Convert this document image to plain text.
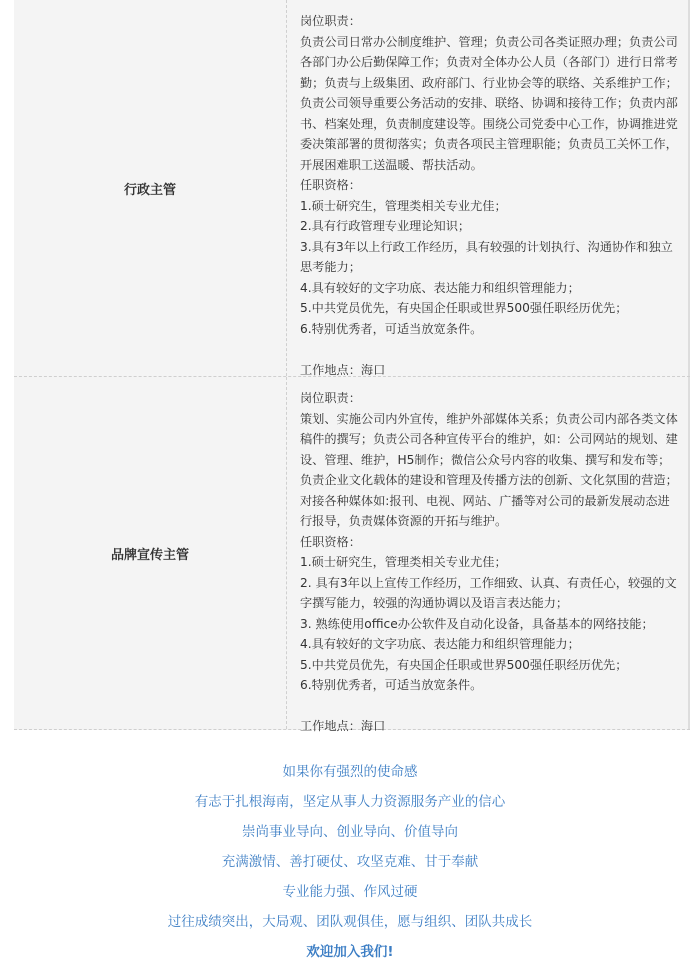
行政主管

岗位职责：

负责公司日常办公制度维护、管理；负责公司各类证照办理；负责公司各部门办公后勤保障工作；负责对全体办公人员（各部门）进行日常考勤；负责与上级集团、政府部门、行业协会等的联络、关系维护工作；负责公司领导重要公务活动的安排、联络、协调和接待工作；负责内部书、档案处理，负责制度建设等。围绕公司党委中心工作，协调推进党委决策部署的贯彻落实；负责各项民主管理职能；负责员工关怀工作，开展困难职工送温暖、帮扶活动。

任职资格：

1.硕士研究生，管理类相关专业尤佳；

2.具有行政管理专业理论知识；

3.具有3年以上行政工作经历，具有较强的计划执行、沟通协作和独立思考能力；

4.具有较好的文字功底、表达能力和组织管理能力；

5.中共党员优先，有央国企任职或世界500强任职经历优先；

6.特别优秀者，可适当放宽条件。

工作地点：海口

品牌宣传主管

岗位职责：

策划、实施公司内外宣传，维护外部媒体关系；负责公司内部各类文体稿件的撰写；负责公司各种宣传平台的维护，如：公司网站的规划、建设、管理、维护，H5制作；微信公众号内容的收集、撰写和发布等；负责企业文化载体的建设和管理及传播方法的创新、文化氛围的营造；对接各种媒体如:报刊、电视、网站、广播等对公司的最新发展动态进行报导，负责媒体资源的开拓与维护。

任职资格：

1.硕士研究生，管理类相关专业尤佳；

2. 具有3年以上宣传工作经历，工作细致、认真、有责任心，较强的文字撰写能力，较强的沟通协调以及语言表达能力；

3. 熟练使用office办公软件及自动化设备，具备基本的网络技能；

4.具有较好的文字功底、表达能力和组织管理能力；

5.中共党员优先，有央国企任职或世界500强任职经历优先；

6.特别优秀者，可适当放宽条件。

工作地点：海口

如果你有强烈的使命感

有志于扎根海南，坚定从事人力资源服务产业的信心

崇尚事业导向、创业导向、价值导向

充满激情、善打硬仗、攻坚克难、甘于奉献

专业能力强、作风过硬

过往成绩突出，大局观、团队观俱佳，愿与组织、团队共成长

欢迎加入我们!
